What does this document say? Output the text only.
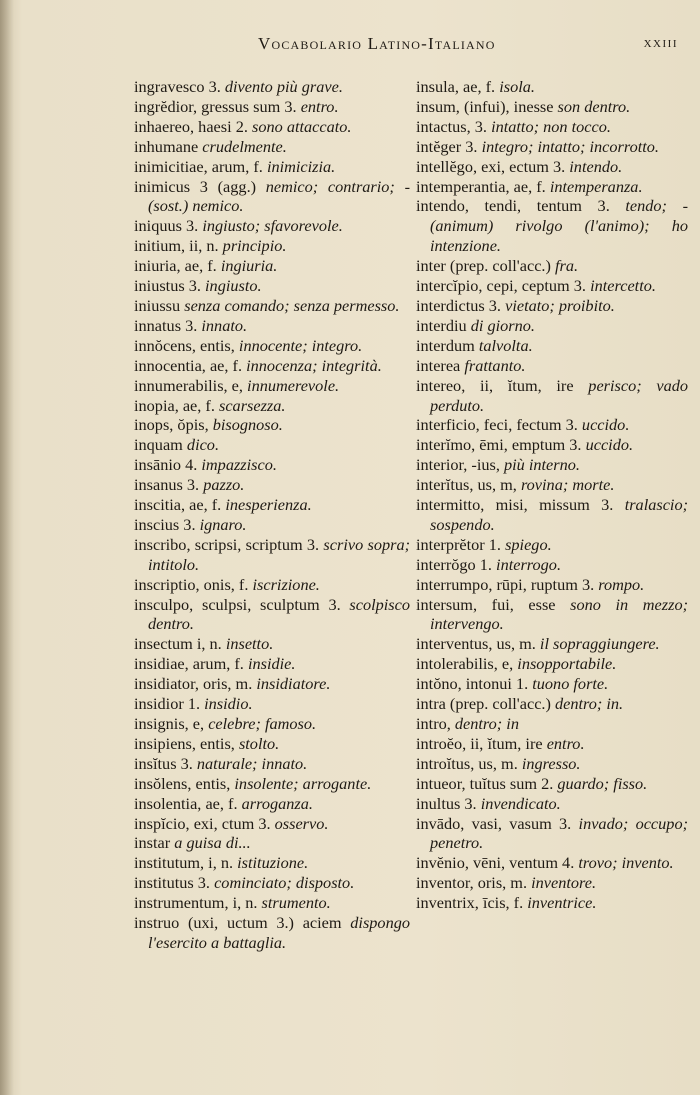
Vocabolario Latino-Italiano	xxiii

ingravesco 3. divento più grave.

ingrĕdior, gressus sum 3. entro.

inhaereo, haesi 2. sono attaccato.

inhumane crudelmente.

inimicitiae, arum, f. inimicizia.

inimicus 3 (agg.) nemico; contrario; - (sost.) nemico.

iniquus 3. ingiusto; sfavorevole.

initium, ii, n. principio.

iniuria, ae, f. ingiuria.

iniustus 3. ingiusto.

iniussu senza comando; senza permesso.

innatus 3. innato.

innŏcens, entis, innocente; integro.

innocentia, ae, f. innocenza; integrità.

innumerabilis, e, innumerevole.

inopia, ae, f. scarsezza.

inops, ŏpis, bisognoso.

inquam dico.

insānio 4. impazzisco.

insanus 3. pazzo.

inscitia, ae, f. inesperienza.

inscius 3. ignaro.

inscribo, scripsi, scriptum 3. scrivo sopra; intitolo.

inscriptio, onis, f. iscrizione.

insculpo, sculpsi, sculptum 3. scolpisco dentro.

insectum i, n. insetto.

insidiae, arum, f. insidie.

insidiator, oris, m. insidiatore.

insidior 1. insidio.

insignis, e, celebre; famoso.

insipiens, entis, stolto.

insĭtus 3. naturale; innato.

insŏlens, entis, insolente; arrogante.

insolentia, ae, f. arroganza.

inspĭcio, exi, ctum 3. osservo.

instar a guisa di...

institutum, i, n. istituzione.

institutus 3. cominciato; disposto.

instrumentum, i, n. strumento.

instruo (uxi, uctum 3.) aciem dispongo l'esercito a battaglia.

insula, ae, f. isola.

insum, (infui), inesse son dentro.

intactus, 3. intatto; non tocco.

intĕger 3. integro; intatto; incorrotto.

intellĕgo, exi, ectum 3. intendo.

intemperantia, ae, f. intemperanza.

intendo, tendi, tentum 3. tendo; - (animum) rivolgo (l'animo); ho intenzione.

inter (prep. coll'acc.) fra.

intercĭpio, cepi, ceptum 3. intercetto.

interdictus 3. vietato; proibito.

interdiu di giorno.

interdum talvolta.

interea frattanto.

intereo, ii, ĭtum, ire perisco; vado perduto.

interficio, feci, fectum 3. uccido.

interĭmo, ēmi, emptum 3. uccido.

interior, -ius, più interno.

interĭtus, us, m, rovina; morte.

intermitto, misi, missum 3. tralascio; sospendo.

interprĕtor 1. spiego.

interrŏgo 1. interrogo.

interrumpo, rūpi, ruptum 3. rompo.

intersum, fui, esse sono in mezzo; intervengo.

interventus, us, m. il sopraggiungere.

intolerabilis, e, insopportabile.

intŏno, intonui 1. tuono forte.

intra (prep. coll'acc.) dentro; in.

intro, dentro; in

introĕo, ii, ĭtum, ire entro.

introĭtus, us, m. ingresso.

intueor, tuĭtus sum 2. guardo; fisso.

inultus 3. invendicato.

invādo, vasi, vasum 3. invado; occupo; penetro.

invĕnio, vēni, ventum 4. trovo; invento.

inventor, oris, m. inventore.

inventrix, īcis, f. inventrice.
